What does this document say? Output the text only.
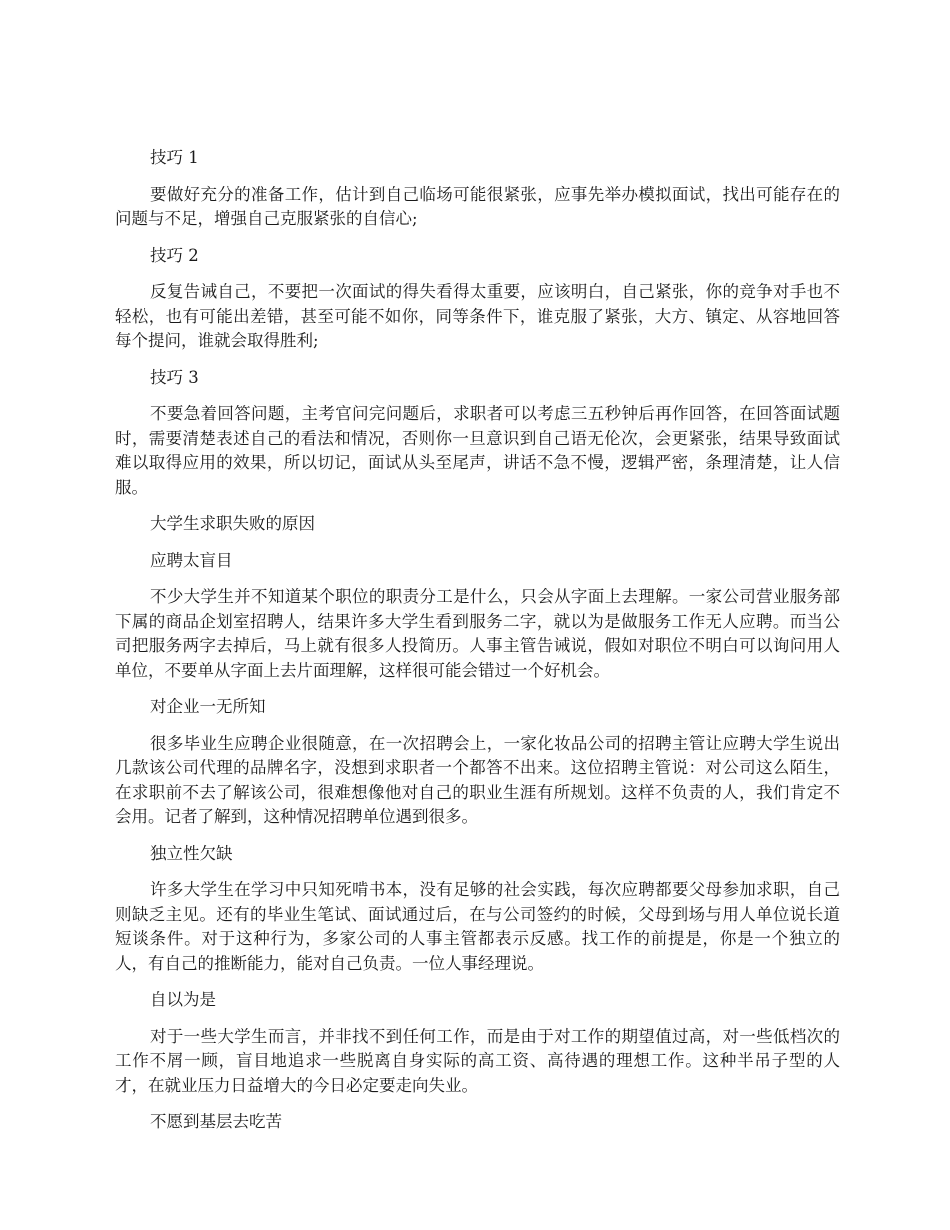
技巧 1

要做好充分的准备工作，估计到自己临场可能很紧张，应事先举办模拟面试，找出可能存在的问题与不足，增强自己克服紧张的自信心;

技巧 2

反复告诫自己，不要把一次面试的得失看得太重要，应该明白，自己紧张，你的竞争对手也不轻松，也有可能出差错，甚至可能不如你，同等条件下，谁克服了紧张，大方、镇定、从容地回答每个提问，谁就会取得胜利;

技巧 3

不要急着回答问题，主考官问完问题后，求职者可以考虑三五秒钟后再作回答，在回答面试题时，需要清楚表述自己的看法和情况，否则你一旦意识到自己语无伦次，会更紧张，结果导致面试难以取得应用的效果，所以切记，面试从头至尾声，讲话不急不慢，逻辑严密，条理清楚，让人信服。

大学生求职失败的原因

应聘太盲目

不少大学生并不知道某个职位的职责分工是什么，只会从字面上去理解。一家公司营业服务部下属的商品企划室招聘人，结果许多大学生看到服务二字，就以为是做服务工作无人应聘。而当公司把服务两字去掉后，马上就有很多人投简历。人事主管告诫说，假如对职位不明白可以询问用人单位，不要单从字面上去片面理解，这样很可能会错过一个好机会。

对企业一无所知

很多毕业生应聘企业很随意，在一次招聘会上，一家化妆品公司的招聘主管让应聘大学生说出几款该公司代理的品牌名字，没想到求职者一个都答不出来。这位招聘主管说：对公司这么陌生，在求职前不去了解该公司，很难想像他对自己的职业生涯有所规划。这样不负责的人，我们肯定不会用。记者了解到，这种情况招聘单位遇到很多。

独立性欠缺

许多大学生在学习中只知死啃书本，没有足够的社会实践，每次应聘都要父母参加求职，自己则缺乏主见。还有的毕业生笔试、面试通过后，在与公司签约的时候，父母到场与用人单位说长道短谈条件。对于这种行为，多家公司的人事主管都表示反感。找工作的前提是，你是一个独立的人，有自己的推断能力，能对自己负责。一位人事经理说。

自以为是

对于一些大学生而言，并非找不到任何工作，而是由于对工作的期望值过高，对一些低档次的工作不屑一顾，盲目地追求一些脱离自身实际的高工资、高待遇的理想工作。这种半吊子型的人才，在就业压力日益增大的今日必定要走向失业。

不愿到基层去吃苦
